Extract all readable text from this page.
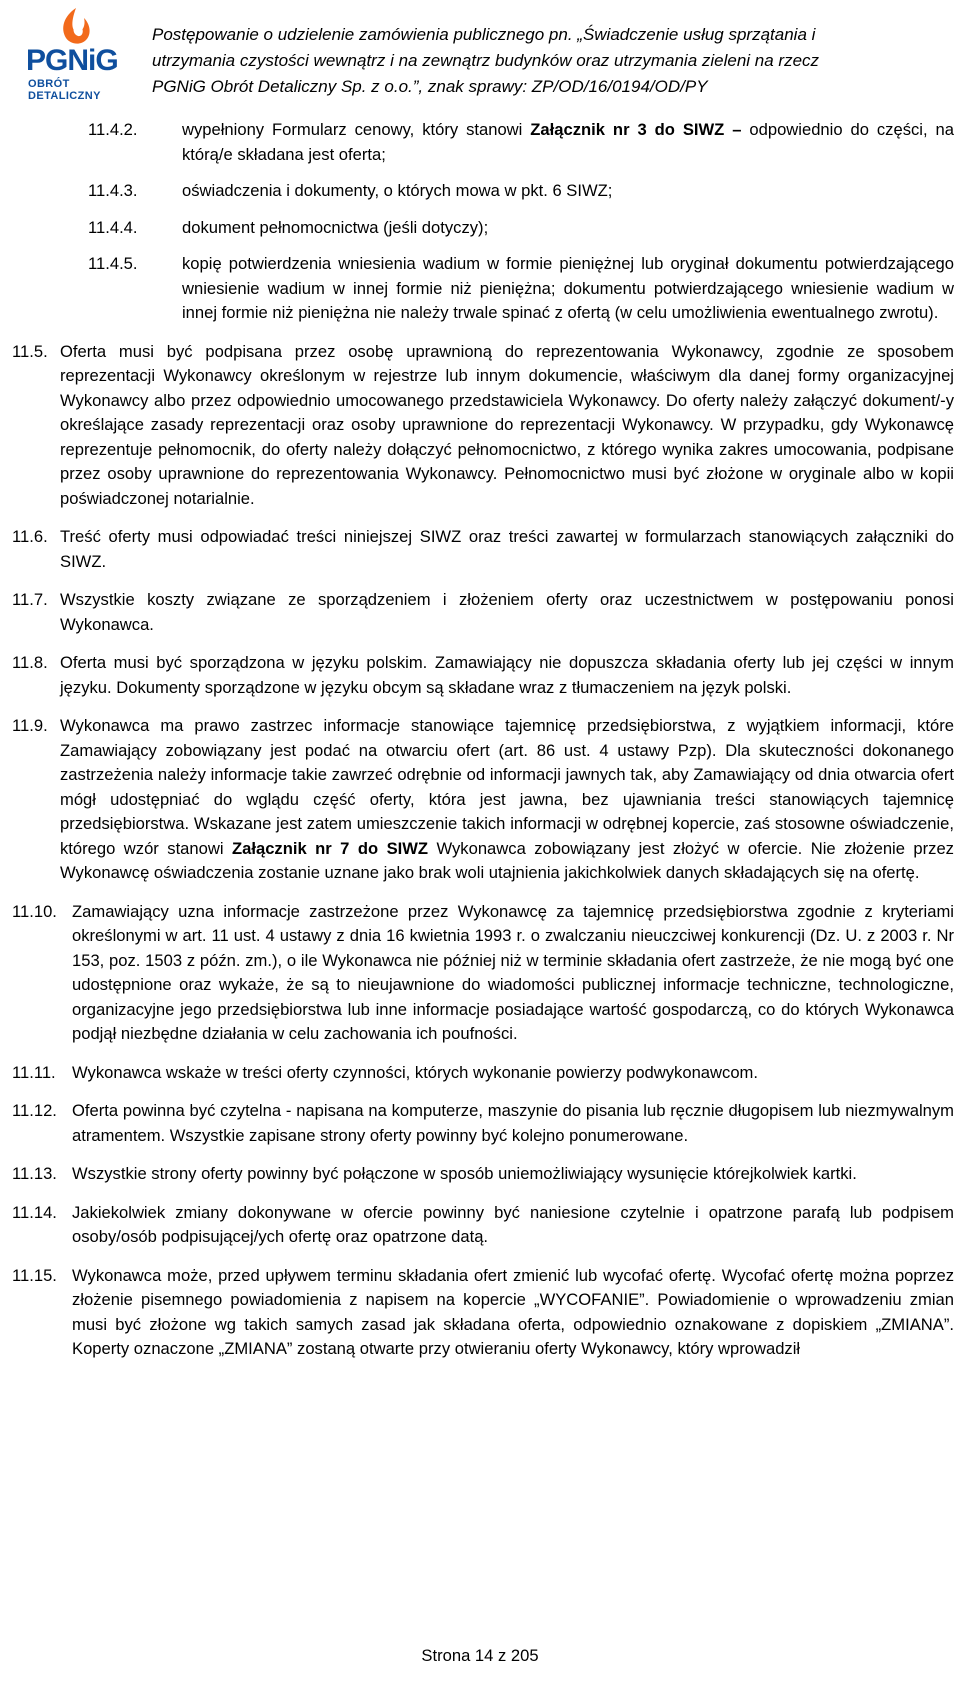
PGNiG
OBRÓT DETALICZNY
Postępowanie o udzielenie zamówienia publicznego pn. „Świadczenie usług sprzątania i
utrzymania czystości wewnątrz i na zewnątrz budynków oraz utrzymania zieleni na rzecz
PGNiG Obrót Detaliczny Sp. z o.o.”, znak sprawy: ZP/OD/16/0194/OD/PY
11.4.2.	wypełniony Formularz cenowy, który stanowi Załącznik nr 3 do SIWZ – odpowiednio do części, na którą/e składana jest oferta;
11.4.3.	oświadczenia i dokumenty, o których mowa w pkt. 6 SIWZ;
11.4.4.	dokument pełnomocnictwa (jeśli dotyczy);
11.4.5.	kopię potwierdzenia wniesienia wadium w formie pieniężnej lub oryginał dokumentu potwierdzającego wniesienie wadium w innej formie niż pieniężna; dokumentu potwierdzającego wniesienie wadium w innej formie niż pieniężna nie należy trwale spinać z ofertą (w celu umożliwienia ewentualnego zwrotu).
11.5. Oferta musi być podpisana przez osobę uprawnioną do reprezentowania Wykonawcy, zgodnie ze sposobem reprezentacji Wykonawcy określonym w rejestrze lub innym dokumencie, właściwym dla danej formy organizacyjnej Wykonawcy albo przez odpowiednio umocowanego przedstawiciela Wykonawcy. Do oferty należy załączyć dokument/-y określające zasady reprezentacji oraz osoby uprawnione do reprezentacji Wykonawcy. W przypadku, gdy Wykonawcę reprezentuje pełnomocnik, do oferty należy dołączyć pełnomocnictwo, z którego wynika zakres umocowania, podpisane przez osoby uprawnione do reprezentowania Wykonawcy. Pełnomocnictwo musi być złożone w oryginale albo w kopii poświadczonej notarialnie.
11.6. Treść oferty musi odpowiadać treści niniejszej SIWZ oraz treści zawartej w formularzach stanowiących załączniki do SIWZ.
11.7. Wszystkie koszty związane ze sporządzeniem i złożeniem oferty oraz uczestnictwem w postępowaniu ponosi Wykonawca.
11.8. Oferta musi być sporządzona w języku polskim. Zamawiający nie dopuszcza składania oferty lub jej części w innym języku. Dokumenty sporządzone w języku obcym są składane wraz z tłumaczeniem na język polski.
11.9. Wykonawca ma prawo zastrzec informacje stanowiące tajemnicę przedsiębiorstwa, z wyjątkiem informacji, które Zamawiający zobowiązany jest podać na otwarciu ofert (art. 86 ust. 4 ustawy Pzp). Dla skuteczności dokonanego zastrzeżenia należy informacje takie zawrzeć odrębnie od informacji jawnych tak, aby Zamawiający od dnia otwarcia ofert mógł udostępniać do wglądu część oferty, która jest jawna, bez ujawniania treści stanowiących tajemnicę przedsiębiorstwa. Wskazane jest zatem umieszczenie takich informacji w odrębnej kopercie, zaś stosowne oświadczenie, którego wzór stanowi Załącznik nr 7 do SIWZ Wykonawca zobowiązany jest złożyć w ofercie. Nie złożenie przez Wykonawcę oświadczenia zostanie uznane jako brak woli utajnienia jakichkolwiek danych składających się na ofertę.
11.10. Zamawiający uzna informacje zastrzeżone przez Wykonawcę za tajemnicę przedsiębiorstwa zgodnie z kryteriami określonymi w art. 11 ust. 4 ustawy z dnia 16 kwietnia 1993 r. o zwalczaniu nieuczciwej konkurencji (Dz. U. z 2003 r. Nr 153, poz. 1503 z późn. zm.), o ile Wykonawca nie później niż w terminie składania ofert zastrzeże, że nie mogą być one udostępnione oraz wykaże, że są to nieujawnione do wiadomości publicznej informacje techniczne, technologiczne, organizacyjne jego przedsiębiorstwa lub inne informacje posiadające wartość gospodarczą, co do których Wykonawca podjął niezbędne działania w celu zachowania ich poufności.
11.11. Wykonawca wskaże w treści oferty czynności, których wykonanie powierzy podwykonawcom.
11.12. Oferta powinna być czytelna - napisana na komputerze, maszynie do pisania lub ręcznie długopisem lub niezmywalnym atramentem. Wszystkie zapisane strony oferty powinny być kolejno ponumerowane.
11.13. Wszystkie strony oferty powinny być połączone w sposób uniemożliwiający wysunięcie którejkolwiek kartki.
11.14. Jakiekolwiek zmiany dokonywane w ofercie powinny być naniesione czytelnie i opatrzone parafą lub podpisem osoby/osób podpisującej/ych ofertę oraz opatrzone datą.
11.15. Wykonawca może, przed upływem terminu składania ofert zmienić lub wycofać ofertę. Wycofać ofertę można poprzez złożenie pisemnego powiadomienia z napisem na kopercie „WYCOFANIE”. Powiadomienie o wprowadzeniu zmian musi być złożone wg takich samych zasad jak składana oferta, odpowiednio oznakowane z dopiskiem „ZMIANA”. Koperty oznaczone „ZMIANA” zostaną otwarte przy otwieraniu oferty Wykonawcy, który wprowadził
Strona 14 z 205
